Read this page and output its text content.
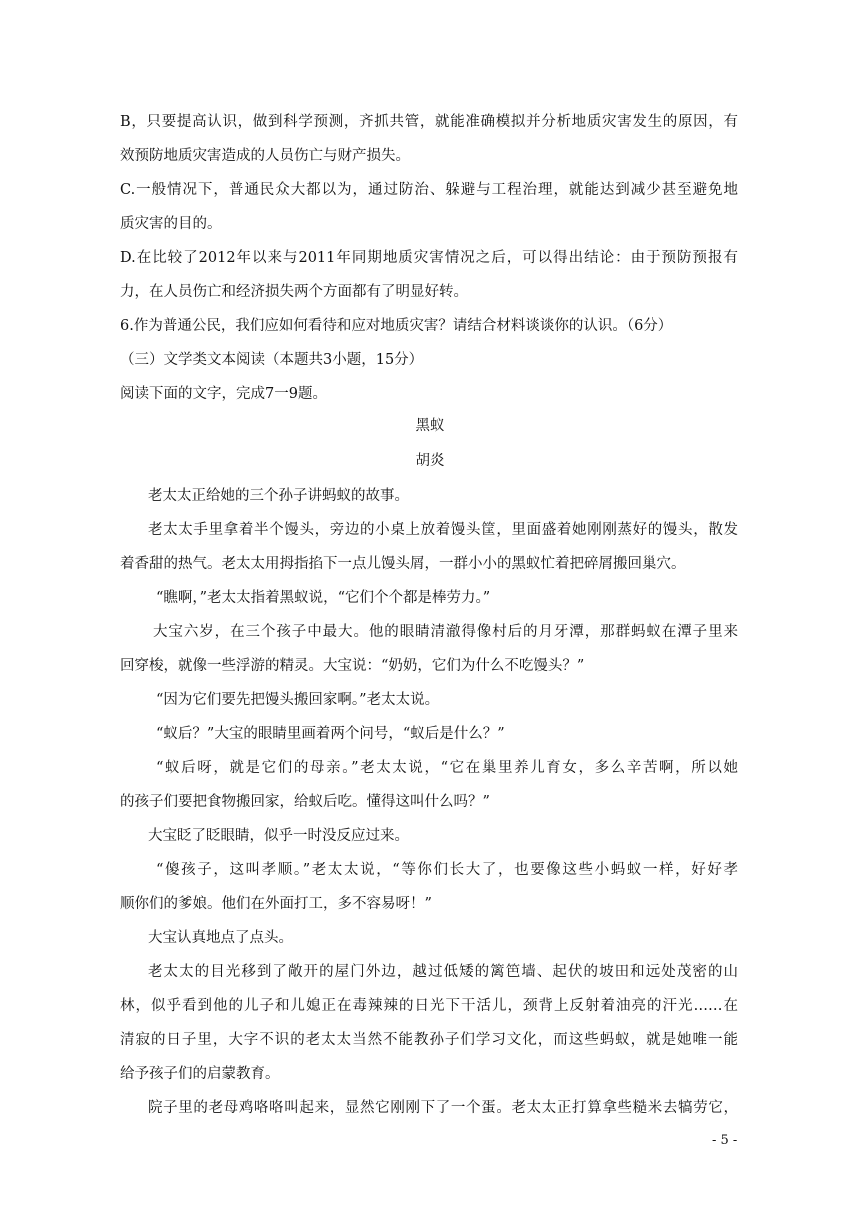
B，只要提高认识，做到科学预测，齐抓共管，就能准确模拟并分析地质灾害发生的原因，有
效预防地质灾害造成的人员伤亡与财产损失。
C.一般情况下，普通民众大都以为，通过防治、躲避与工程治理，就能达到减少甚至避免地
质灾害的目的。
D.在比较了2012年以来与2011年同期地质灾害情况之后，可以得出结论：由于预防预报有
力，在人员伤亡和经济损失两个方面都有了明显好转。
6.作为普通公民，我们应如何看待和应对地质灾害？请结合材料谈谈你的认识。（6分）
（三）文学类文本阅读（本题共3小题，15分）
阅读下面的文字，完成7一9题。
黑蚁
胡炎
老太太正给她的三个孙子讲蚂蚁的故事。
老太太手里拿着半个馒头，旁边的小桌上放着馒头筐，里面盛着她刚刚蒸好的馒头，散发
着香甜的热气。老太太用拇指掐下一点儿馒头屑，一群小小的黑蚁忙着把碎屑搬回巢穴。
“瞧啊，”老太太指着黑蚁说，“它们个个都是棒劳力。”
大宝六岁，在三个孩子中最大。他的眼睛清澈得像村后的月牙潭，那群蚂蚁在潭子里来
回穿梭，就像一些浮游的精灵。大宝说：“奶奶，它们为什么不吃馒头？”
“因为它们要先把馒头搬回家啊。”老太太说。
“蚁后？”大宝的眼睛里画着两个问号，“蚁后是什么？”
“蚁后呀，就是它们的母亲。”老太太说，“它在巢里养儿育女，多么辛苦啊，所以她
的孩子们要把食物搬回家，给蚁后吃。懂得这叫什么吗？”
大宝眨了眨眼睛，似乎一时没反应过来。
“傻孩子，这叫孝顺。”老太太说，“等你们长大了，也要像这些小蚂蚁一样，好好孝
顺你们的爹娘。他们在外面打工，多不容易呀！”
大宝认真地点了点头。
老太太的目光移到了敞开的屋门外边，越过低矮的篱笆墙、起伏的坡田和远处茂密的山
林，似乎看到他的儿子和儿媳正在毒辣辣的日光下干活儿，颈背上反射着油亮的汗光……在
清寂的日子里，大字不识的老太太当然不能教孙子们学习文化，而这些蚂蚁，就是她唯一能
给予孩子们的启蒙教育。
院子里的老母鸡咯咯叫起来，显然它刚刚下了一个蛋。老太太正打算拿些糙米去犒劳它，
- 5 -
